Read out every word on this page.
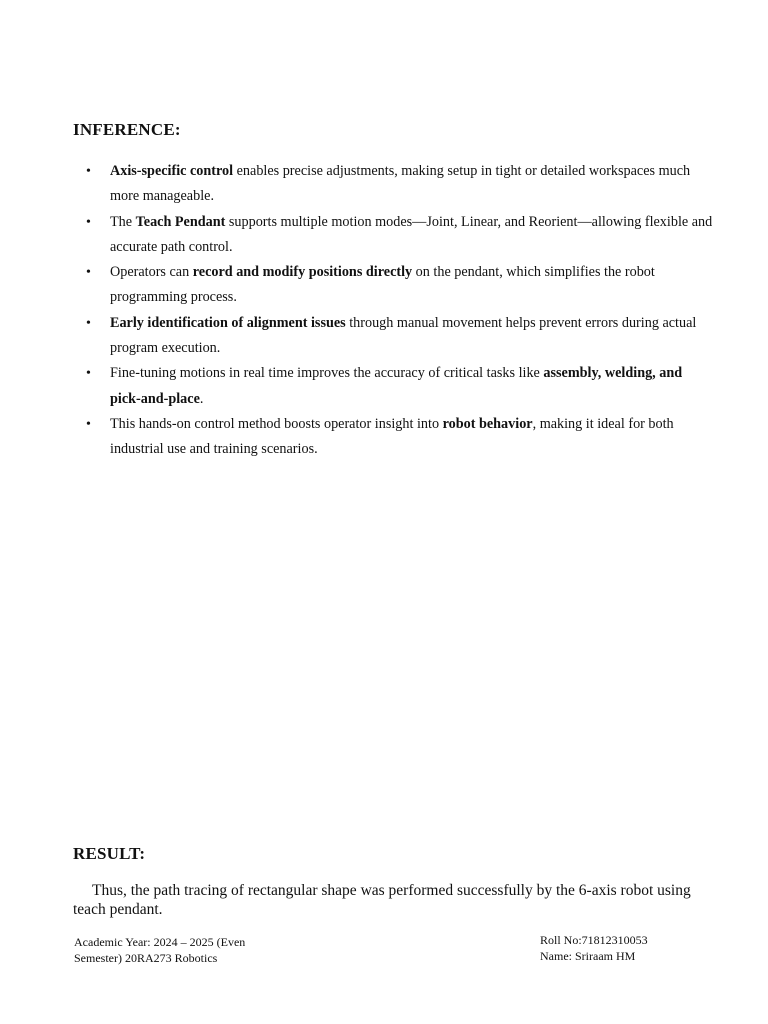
INFERENCE:
• Axis-specific control enables precise adjustments, making setup in tight or detailed workspaces much more manageable.
• The Teach Pendant supports multiple motion modes—Joint, Linear, and Reorient—allowing flexible and accurate path control.
• Operators can record and modify positions directly on the pendant, which simplifies the robot programming process.
• Early identification of alignment issues through manual movement helps prevent errors during actual program execution.
• Fine-tuning motions in real time improves the accuracy of critical tasks like assembly, welding, and pick-and-place.
• This hands-on control method boosts operator insight into robot behavior, making it ideal for both industrial use and training scenarios.
RESULT:

Thus, the path tracing of rectangular shape was performed successfully by the 6-axis robot using teach pendant.

Academic Year: 2024 – 2025 (Even Semester) 20RA273 Robotics

Roll No:71812310053
Name: Sriraam HM
